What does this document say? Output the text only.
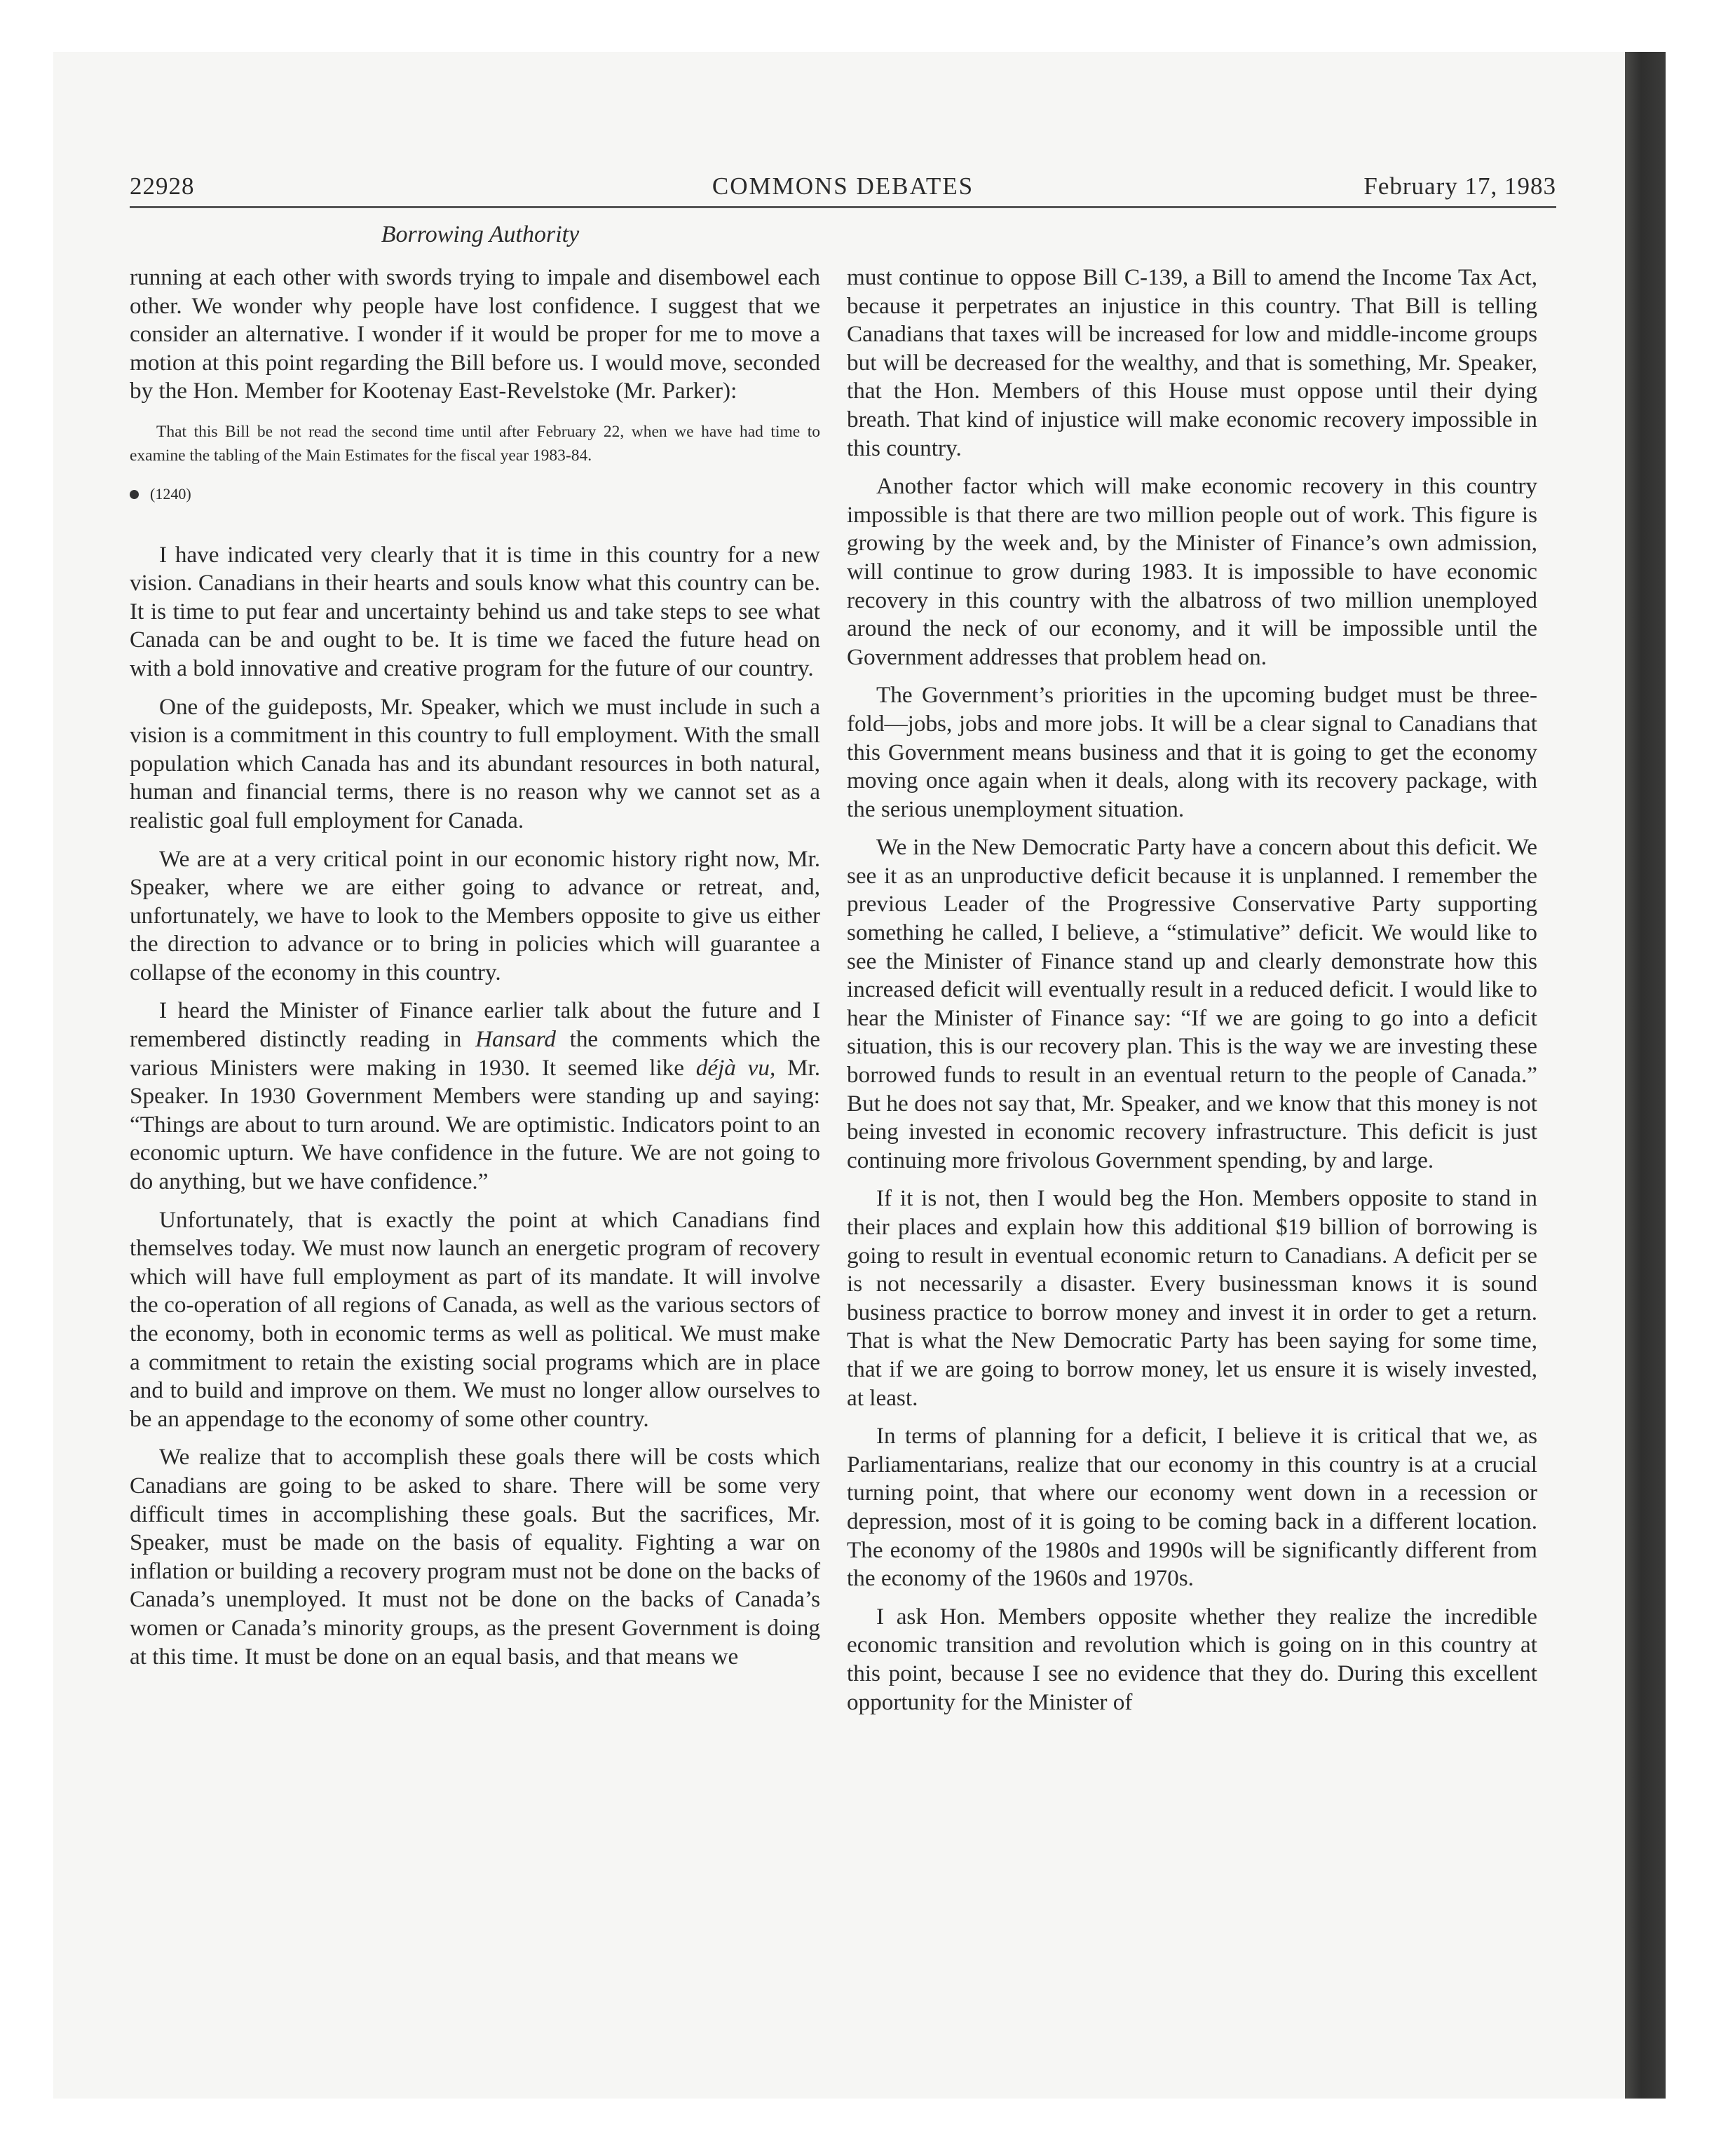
22928	COMMONS DEBATES	February 17, 1983
Borrowing Authority

running at each other with swords trying to impale and disembowel each other. We wonder why people have lost confidence. I suggest that we consider an alternative. I wonder if it would be proper for me to move a motion at this point regarding the Bill before us. I would move, seconded by the Hon. Member for Kootenay East-Revelstoke (Mr. Parker):

That this Bill be not read the second time until after February 22, when we have had time to examine the tabling of the Main Estimates for the fiscal year 1983-84.
(1240)

I have indicated very clearly that it is time in this country for a new vision. Canadians in their hearts and souls know what this country can be. It is time to put fear and uncertainty behind us and take steps to see what Canada can be and ought to be. It is time we faced the future head on with a bold innovative and creative program for the future of our country.

One of the guideposts, Mr. Speaker, which we must include in such a vision is a commitment in this country to full employment. With the small population which Canada has and its abundant resources in both natural, human and financial terms, there is no reason why we cannot set as a realistic goal full employment for Canada.

We are at a very critical point in our economic history right now, Mr. Speaker, where we are either going to advance or retreat, and, unfortunately, we have to look to the Members opposite to give us either the direction to advance or to bring in policies which will guarantee a collapse of the economy in this country.

I heard the Minister of Finance earlier talk about the future and I remembered distinctly reading in Hansard the comments which the various Ministers were making in 1930. It seemed like déjà vu, Mr. Speaker. In 1930 Government Members were standing up and saying: “Things are about to turn around. We are optimistic. Indicators point to an economic upturn. We have confidence in the future. We are not going to do anything, but we have confidence.”

Unfortunately, that is exactly the point at which Canadians find themselves today. We must now launch an energetic program of recovery which will have full employment as part of its mandate. It will involve the co-operation of all regions of Canada, as well as the various sectors of the economy, both in economic terms as well as political. We must make a commitment to retain the existing social programs which are in place and to build and improve on them. We must no longer allow ourselves to be an appendage to the economy of some other country.

We realize that to accomplish these goals there will be costs which Canadians are going to be asked to share. There will be some very difficult times in accomplishing these goals. But the sacrifices, Mr. Speaker, must be made on the basis of equality. Fighting a war on inflation or building a recovery program must not be done on the backs of Canada’s unemployed. It must not be done on the backs of Canada’s women or Canada’s minority groups, as the present Government is doing at this time. It must be done on an equal basis, and that means we

must continue to oppose Bill C-139, a Bill to amend the Income Tax Act, because it perpetrates an injustice in this country. That Bill is telling Canadians that taxes will be increased for low and middle-income groups but will be decreased for the wealthy, and that is something, Mr. Speaker, that the Hon. Members of this House must oppose until their dying breath. That kind of injustice will make economic recovery impossible in this country.

Another factor which will make economic recovery in this country impossible is that there are two million people out of work. This figure is growing by the week and, by the Minister of Finance’s own admission, will continue to grow during 1983. It is impossible to have economic recovery in this country with the albatross of two million unemployed around the neck of our economy, and it will be impossible until the Government addresses that problem head on.

The Government’s priorities in the upcoming budget must be three-fold—jobs, jobs and more jobs. It will be a clear signal to Canadians that this Government means business and that it is going to get the economy moving once again when it deals, along with its recovery package, with the serious unemployment situation.

We in the New Democratic Party have a concern about this deficit. We see it as an unproductive deficit because it is unplanned. I remember the previous Leader of the Progressive Conservative Party supporting something he called, I believe, a “stimulative” deficit. We would like to see the Minister of Finance stand up and clearly demonstrate how this increased deficit will eventually result in a reduced deficit. I would like to hear the Minister of Finance say: “If we are going to go into a deficit situation, this is our recovery plan. This is the way we are investing these borrowed funds to result in an eventual return to the people of Canada.” But he does not say that, Mr. Speaker, and we know that this money is not being invested in economic recovery infrastructure. This deficit is just continuing more frivolous Government spending, by and large.

If it is not, then I would beg the Hon. Members opposite to stand in their places and explain how this additional $19 billion of borrowing is going to result in eventual economic return to Canadians. A deficit per se is not necessarily a disaster. Every businessman knows it is sound business practice to borrow money and invest it in order to get a return. That is what the New Democratic Party has been saying for some time, that if we are going to borrow money, let us ensure it is wisely invested, at least.

In terms of planning for a deficit, I believe it is critical that we, as Parliamentarians, realize that our economy in this country is at a crucial turning point, that where our economy went down in a recession or depression, most of it is going to be coming back in a different location. The economy of the 1980s and 1990s will be significantly different from the economy of the 1960s and 1970s.

I ask Hon. Members opposite whether they realize the incredible economic transition and revolution which is going on in this country at this point, because I see no evidence that they do. During this excellent opportunity for the Minister of
